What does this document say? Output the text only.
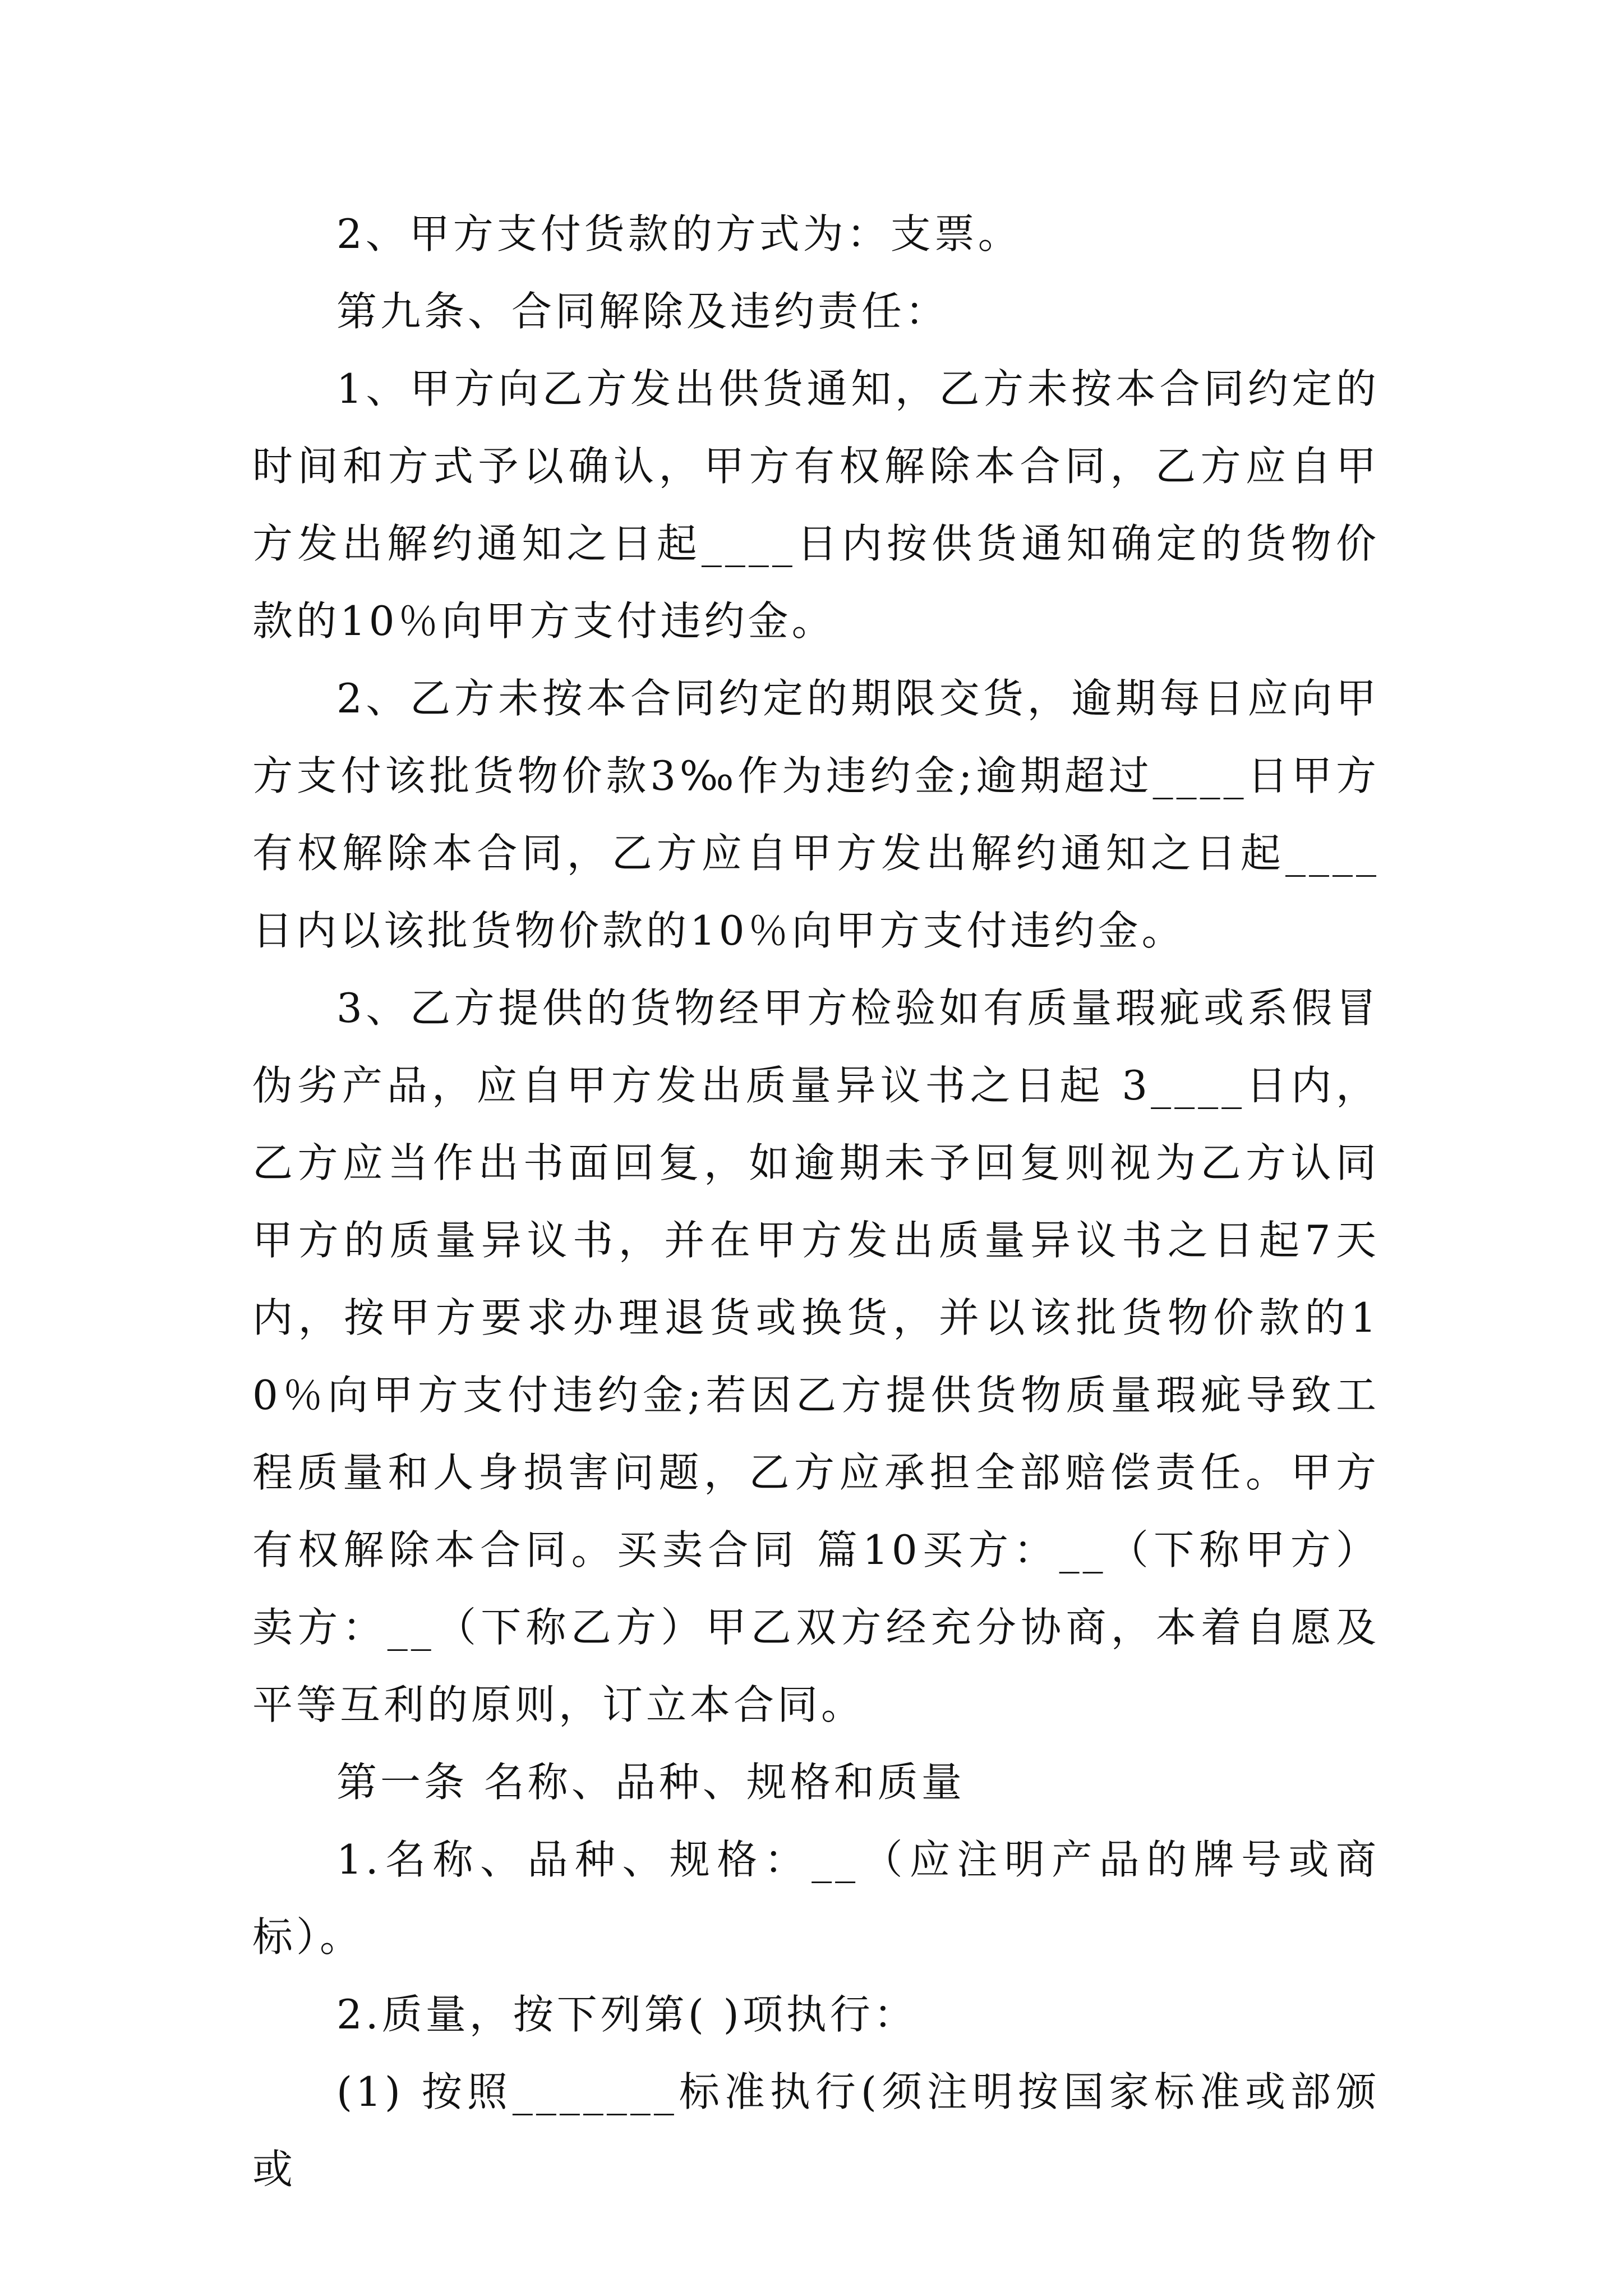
2、甲方支付货款的方式为：支票。

第九条、合同解除及违约责任：

1、甲方向乙方发出供货通知，乙方未按本合同约定的时间和方式予以确认，甲方有权解除本合同，乙方应自甲方发出解约通知之日起____日内按供货通知确定的货物价款的10％向甲方支付违约金。

2、乙方未按本合同约定的期限交货，逾期每日应向甲方支付该批货物价款3‰作为违约金;逾期超过____日甲方有权解除本合同，乙方应自甲方发出解约通知之日起____日内以该批货物价款的10％向甲方支付违约金。

3、乙方提供的货物经甲方检验如有质量瑕疵或系假冒伪劣产品，应自甲方发出质量异议书之日起 3____日内，乙方应当作出书面回复，如逾期未予回复则视为乙方认同甲方的质量异议书，并在甲方发出质量异议书之日起7天内，按甲方要求办理退货或换货，并以该批货物价款的10％向甲方支付违约金;若因乙方提供货物质量瑕疵导致工程质量和人身损害问题，乙方应承担全部赔偿责任。甲方有权解除本合同。买卖合同 篇10买方：__（下称甲方）卖方：__（下称乙方）甲乙双方经充分协商，本着自愿及平等互利的原则，订立本合同。

第一条 名称、品种、规格和质量

1.名称、品种、规格：__（应注明产品的牌号或商标）。

2.质量，按下列第( )项执行：

(1) 按照_______标准执行(须注明按国家标准或部颁或
